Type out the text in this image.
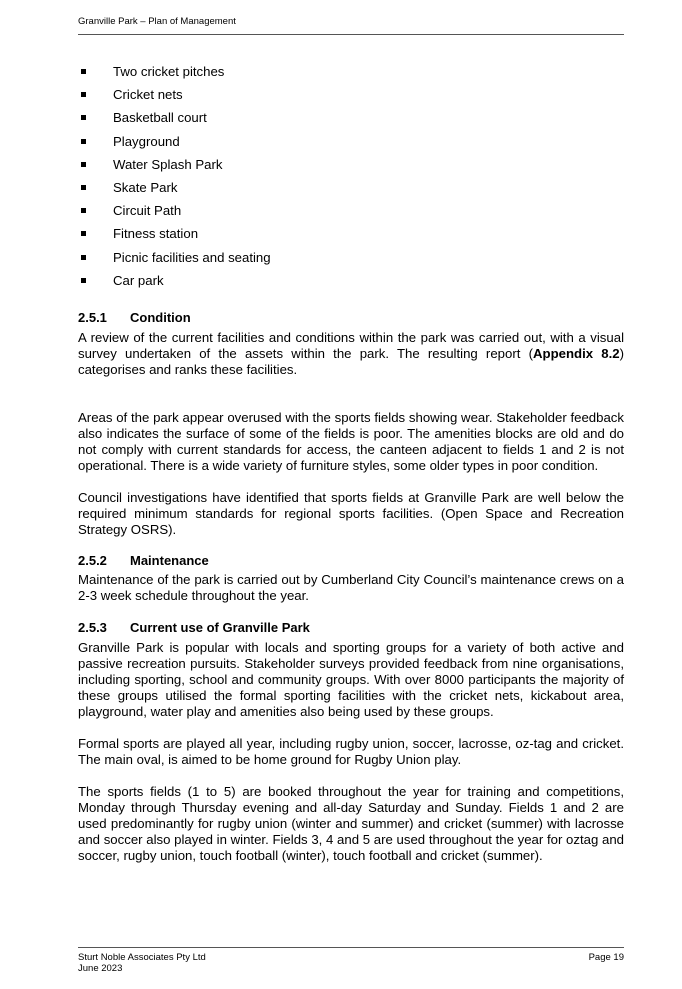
Granville Park – Plan of Management
Two cricket pitches
Cricket nets
Basketball court
Playground
Water Splash Park
Skate Park
Circuit Path
Fitness station
Picnic facilities and seating
Car park
2.5.1 Condition

A review of the current facilities and conditions within the park was carried out, with a visual survey undertaken of the assets within the park. The resulting report (Appendix 8.2) categorises and ranks these facilities.

Areas of the park appear overused with the sports fields showing wear. Stakeholder feedback also indicates the surface of some of the fields is poor. The amenities blocks are old and do not comply with current standards for access, the canteen adjacent to fields 1 and 2 is not operational. There is a wide variety of furniture styles, some older types in poor condition.

Council investigations have identified that sports fields at Granville Park are well below the required minimum standards for regional sports facilities. (Open Space and Recreation Strategy OSRS).

2.5.2 Maintenance

Maintenance of the park is carried out by Cumberland City Council’s maintenance crews on a 2-3 week schedule throughout the year.

2.5.3 Current use of Granville Park

Granville Park is popular with locals and sporting groups for a variety of both active and passive recreation pursuits. Stakeholder surveys provided feedback from nine organisations, including sporting, school and community groups. With over 8000 participants the majority of these groups utilised the formal sporting facilities with the cricket nets, kickabout area, playground, water play and amenities also being used by these groups.

Formal sports are played all year, including rugby union, soccer, lacrosse, oz-tag and cricket. The main oval, is aimed to be home ground for Rugby Union play.

The sports fields (1 to 5) are booked throughout the year for training and competitions, Monday through Thursday evening and all-day Saturday and Sunday. Fields 1 and 2 are used predominantly for rugby union (winter and summer) and cricket (summer) with lacrosse and soccer also played in winter. Fields 3, 4 and 5 are used throughout the year for oztag and soccer, rugby union, touch football (winter), touch football and cricket (summer).

Sturt Noble Associates Pty Ltd
June 2023
Page 19
